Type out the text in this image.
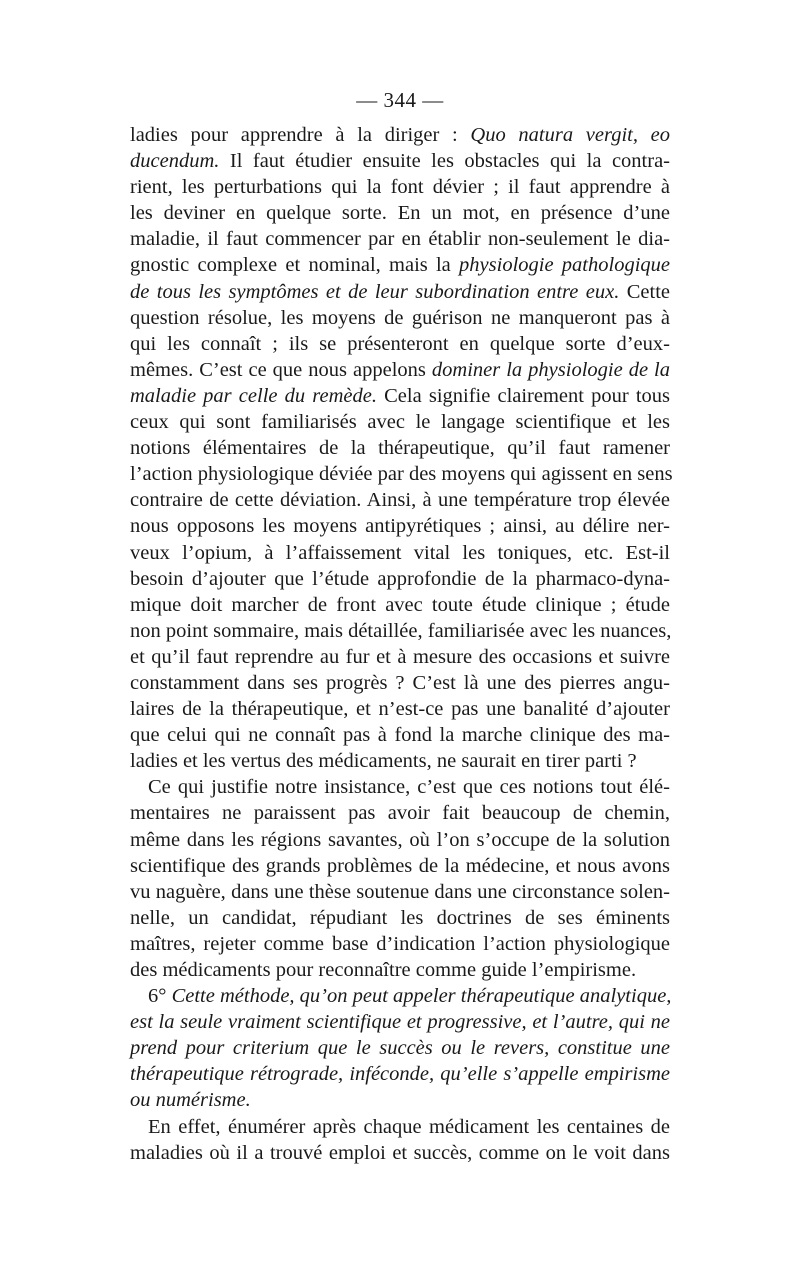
— 344 —
ladies pour apprendre à la diriger : Quo natura vergit, eo
ducendum. Il faut étudier ensuite les obstacles qui la contra-
rient, les perturbations qui la font dévier ; il faut apprendre à
les deviner en quelque sorte. En un mot, en présence d’une
maladie, il faut commencer par en établir non-seulement le dia-
gnostic complexe et nominal, mais la physiologie pathologique
de tous les symptômes et de leur subordination entre eux. Cette
question résolue, les moyens de guérison ne manqueront pas à
qui les connaît ; ils se présenteront en quelque sorte d’eux-
mêmes. C’est ce que nous appelons dominer la physiologie de la
maladie par celle du remède. Cela signifie clairement pour tous
ceux qui sont familiarisés avec le langage scientifique et les
notions élémentaires de la thérapeutique, qu’il faut ramener
l’action physiologique déviée par des moyens qui agissent en sens
contraire de cette déviation. Ainsi, à une température trop élevée
nous opposons les moyens antipyrétiques ; ainsi, au délire ner-
veux l’opium, à l’affaissement vital les toniques, etc. Est-il
besoin d’ajouter que l’étude approfondie de la pharmaco-dyna-
mique doit marcher de front avec toute étude clinique ; étude
non point sommaire, mais détaillée, familiarisée avec les nuances,
et qu’il faut reprendre au fur et à mesure des occasions et suivre
constamment dans ses progrès ? C’est là une des pierres angu-
laires de la thérapeutique, et n’est-ce pas une banalité d’ajouter
que celui qui ne connaît pas à fond la marche clinique des ma-
ladies et les vertus des médicaments, ne saurait en tirer parti ?
Ce qui justifie notre insistance, c’est que ces notions tout élé-
mentaires ne paraissent pas avoir fait beaucoup de chemin,
même dans les régions savantes, où l’on s’occupe de la solution
scientifique des grands problèmes de la médecine, et nous avons
vu naguère, dans une thèse soutenue dans une circonstance solen-
nelle, un candidat, répudiant les doctrines de ses éminents
maîtres, rejeter comme base d’indication l’action physiologique
des médicaments pour reconnaître comme guide l’empirisme.
6° Cette méthode, qu’on peut appeler thérapeutique analytique,
est la seule vraiment scientifique et progressive, et l’autre, qui ne
prend pour criterium que le succès ou le revers, constitue une
thérapeutique rétrograde, inféconde, qu’elle s’appelle empirisme
ou numérisme.
En effet, énumérer après chaque médicament les centaines de
maladies où il a trouvé emploi et succès, comme on le voit dans
